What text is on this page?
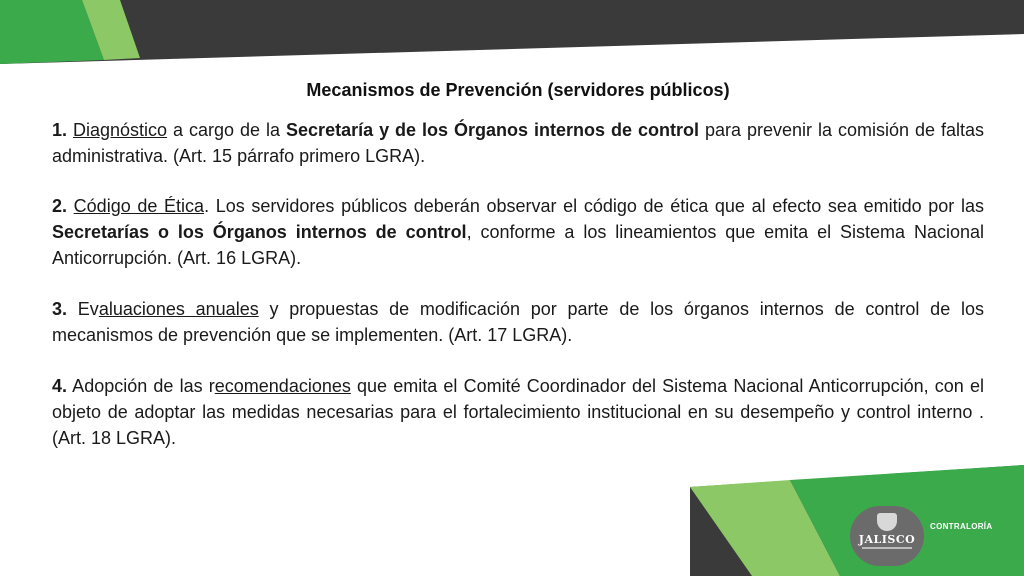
Mecanismos de Prevención (servidores públicos)
1. Diagnóstico a cargo de la Secretaría y de los Órganos internos de control para prevenir la comisión de faltas administrativa. (Art. 15 párrafo primero LGRA).
2. Código de Ética. Los servidores públicos deberán observar el código de ética que al efecto sea emitido por las Secretarías o los Órganos internos de control, conforme a los lineamientos que emita el Sistema Nacional Anticorrupción. (Art. 16 LGRA).
3. Evaluaciones anuales y propuestas de modificación por parte de los órganos internos de control de los mecanismos de prevención que se implementen. (Art. 17 LGRA).
4. Adopción de las recomendaciones que emita el Comité Coordinador del Sistema Nacional Anticorrupción, con el objeto de adoptar las medidas necesarias para el fortalecimiento institucional en su desempeño y control interno . (Art. 18 LGRA).
JALISCO
CONTRALORÍA
